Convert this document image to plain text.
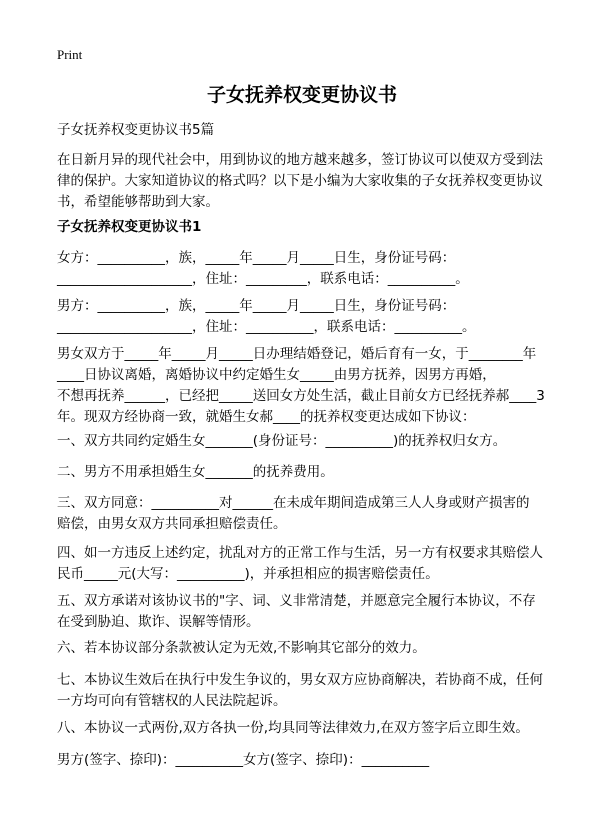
Print
子女抚养权变更协议书
子女抚养权变更协议书5篇
在日新月异的现代社会中，用到协议的地方越来越多，签订协议可以使双方受到法
律的保护。大家知道协议的格式吗？以下是小编为大家收集的子女抚养权变更协议
书，希望能够帮助到大家。
子女抚养权变更协议书1
女方：__________，族，_____年_____月_____日生，身份证号码：
____________________，住址：_________，联系电话：__________。
男方：__________，族，_____年_____月_____日生，身份证号码：
____________________，住址：__________，联系电话：__________。
男女双方于_____年_____月_____日办理结婚登记，婚后育有一女，于________年
____日协议离婚，离婚协议中约定婚生女_____由男方抚养，因男方再婚，
不想再抚养______，已经把_____送回女方处生活，截止目前女方已经抚养郝____3
年。现双方经协商一致，就婚生女郝____的抚养权变更达成如下协议：
一、双方共同约定婚生女_______(身份证号：__________)的抚养权归女方。
二、男方不用承担婚生女_______的抚养费用。
三、双方同意：__________对______在未成年期间造成第三人人身或财产损害的
赔偿，由男女双方共同承担赔偿责任。
四、如一方违反上述约定，扰乱对方的正常工作与生活，另一方有权要求其赔偿人
民币_____元(大写：__________)，并承担相应的损害赔偿责任。
五、双方承诺对该协议书的"字、词、义非常清楚，并愿意完全履行本协议，不存
在受到胁迫、欺诈、误解等情形。
六、若本协议部分条款被认定为无效,不影响其它部分的效力。
七、本协议生效后在执行中发生争议的，男女双方应协商解决，若协商不成，任何
一方均可向有管辖权的人民法院起诉。
八、本协议一式两份,双方各执一份,均具同等法律效力,在双方签字后立即生效。
男方(签字、捺印)：__________女方(签字、捺印)：__________
